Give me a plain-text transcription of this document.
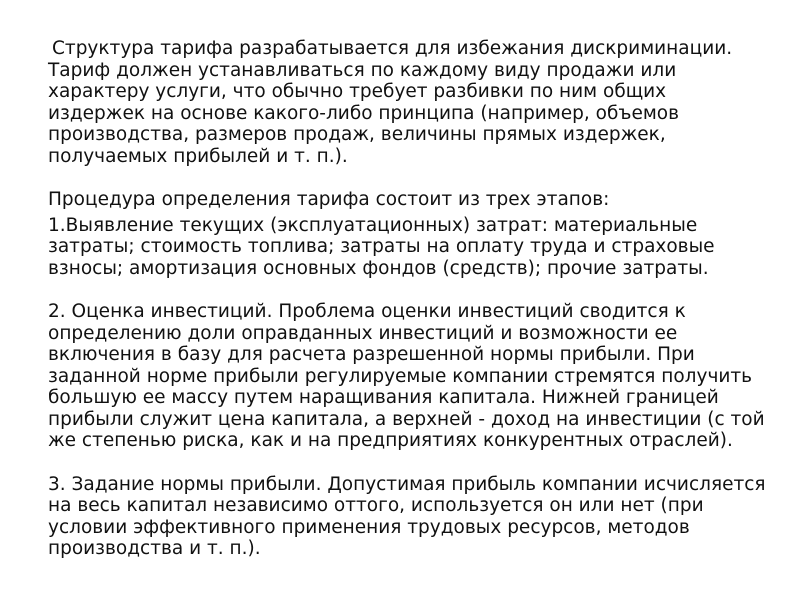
Структура тарифа разрабатывается для избежания дискриминации. Тариф должен устанавливаться по каждому виду продажи или характеру услуги, что обычно требует разбивки по ним общих издержек на основе какого-либо принципа (например, объемов производства, размеров продаж, величины прямых издержек, получаемых прибылей и т. п.).

Процедура определения тарифа состоит из трех этапов:

1.Выявление текущих (эксплуатационных) затрат: материальные затраты; стоимость топлива; затраты на оплату труда и страховые взносы; амортизация основных фондов (средств); прочие затраты.

2. Оценка инвестиций. Проблема оценки инвестиций сводится к определению доли оправданных инвестиций и возможности ее включения в базу для расчета разрешенной нормы прибыли. При заданной норме прибыли регулируемые компании стремятся получить большую ее массу путем наращивания капитала. Нижней границей прибыли служит цена капитала, а верхней - доход на инвестиции (с той же степенью риска, как и на предприятиях конкурентных отраслей).

3. Задание нормы прибыли. Допустимая прибыль компании исчисляется на весь капитал независимо оттого, используется он или нет (при условии эффективного применения трудовых ресурсов, методов производства и т. п.).
